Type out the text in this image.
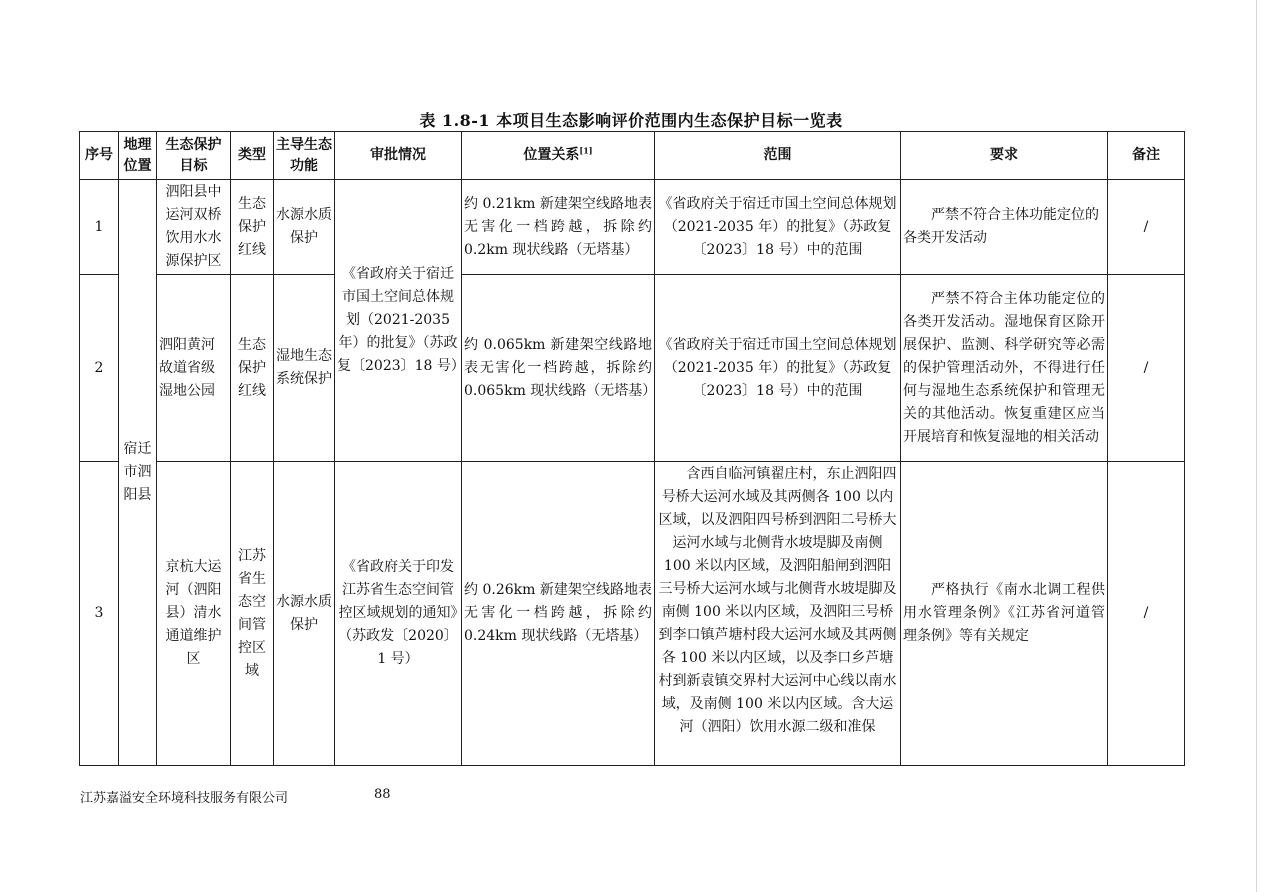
表 1.8-1 本项目生态影响评价范围内生态保护目标一览表
序号	地理位置	生态保护目标	类型	主导生态功能	审批情况	位置关系[1]	范围	要求	备注
1	宿迁市泗阳县	泗阳县中运河双桥饮用水水源保护区	生态保护红线	水源水质保护	《省政府关于宿迁市国土空间总体规划（2021-2035 年）的批复》（苏政复〔2023〕18 号）	约 0.21km 新建架空线路地表无害化一档跨越，拆除约 0.2km 现状线路（无塔基）	《省政府关于宿迁市国土空间总体规划（2021-2035 年）的批复》（苏政复〔2023〕18 号）中的范围	严禁不符合主体功能定位的各类开发活动	/
2		泗阳黄河故道省级湿地公园	生态保护红线	湿地生态系统保护		约 0.065km 新建架空线路地表无害化一档跨越，拆除约 0.065km 现状线路（无塔基）	《省政府关于宿迁市国土空间总体规划（2021-2035 年）的批复》（苏政复〔2023〕18 号）中的范围	严禁不符合主体功能定位的各类开发活动。湿地保育区除开展保护、监测、科学研究等必需的保护管理活动外，不得进行任何与湿地生态系统保护和管理无关的其他活动。恢复重建区应当开展培育和恢复湿地的相关活动	/
3		京杭大运河（泗阳县）清水通道维护区	江苏省生态空间管控区域	水源水质保护	《省政府关于印发江苏省生态空间管控区域规划的通知》（苏政发〔2020〕1 号）	约 0.26km 新建架空线路地表无害化一档跨越，拆除约 0.24km 现状线路（无塔基）	含西自临河镇翟庄村，东止泗阳四号桥大运河水域及其两侧各 100 以内区域，以及泗阳四号桥到泗阳二号桥大运河水域与北侧背水坡堤脚及南侧 100 米以内区域，及泗阳船闸到泗阳三号桥大运河水域与北侧背水坡堤脚及南侧 100 米以内区域，及泗阳三号桥到李口镇芦塘村段大运河水域及其两侧各 100 米以内区域，以及李口乡芦塘村到新袁镇交界村大运河中心线以南水域，及南侧 100 米以内区域。含大运河（泗阳）饮用水源二级和准保	严格执行《南水北调工程供用水管理条例》《江苏省河道管理条例》等有关规定	/
江苏嘉溢安全环境科技服务有限公司	88
